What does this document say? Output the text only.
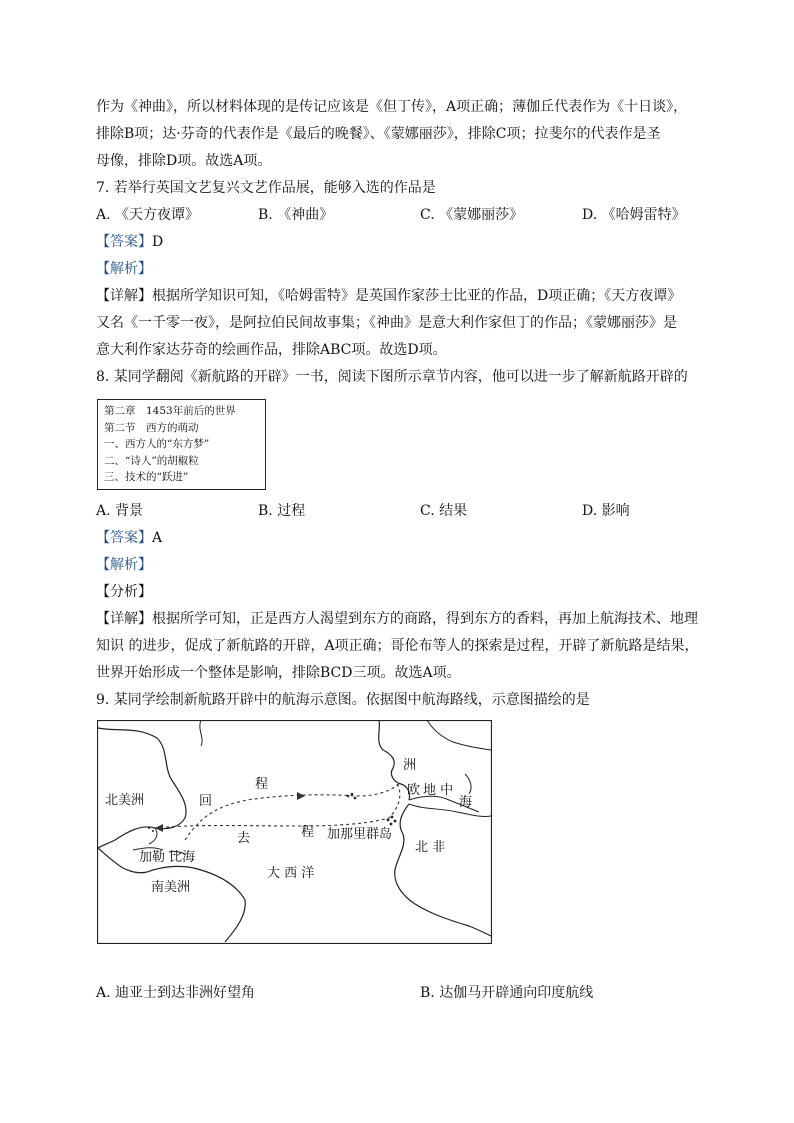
作为《神曲》，所以材料体现的是传记应该是《但丁传》，A项正确；薄伽丘代表作为《十日谈》，
排除B项；达·芬奇的代表作是《最后的晚餐》、《蒙娜丽莎》，排除C项；拉斐尔的代表作是圣
母像，排除D项。故选A项。
7. 若举行英国文艺复兴文艺作品展，能够入选的作品是
A. 《天方夜谭》	B. 《神曲》	C. 《蒙娜丽莎》	D. 《哈姆雷特》
【答案】D
【解析】
【详解】根据所学知识可知，《哈姆雷特》是英国作家莎士比亚的作品，D项正确；《天方夜谭》
又名《一千零一夜》，是阿拉伯民间故事集；《神曲》是意大利作家但丁的作品；《蒙娜丽莎》是
意大利作家达芬奇的绘画作品，排除ABC项。故选D项。
8. 某同学翻阅《新航路的开辟》一书，阅读下图所示章节内容，他可以进一步了解新航路开辟的
第二章　1453年前后的世界
第二节　西方的萌动
一、西方人的“东方梦”
二、“诗人”的胡椒粒
三、技术的“跃进”
A. 背景	B. 过程	C. 结果	D. 影响
【答案】A
【解析】
【分析】
【详解】根据所学可知，正是西方人渴望到东方的商路，得到东方的香料，再加上航海技术、地理
知识 的进步，促成了新航路的开辟，A项正确；哥伦布等人的探索是过程，开辟了新航路是结果，
世界开始形成一个整体是影响，排除BCD三项。故选A项。
9. 某同学绘制新航路开辟中的航海示意图。依据图中航海路线，示意图描绘的是
北美洲
南美洲
加勒 比海
大 西 洋
北 非
洲
欧 地 中
海
加那里群岛
回
程
去	程
A. 迪亚士到达非洲好望角	B. 达伽马开辟通向印度航线
